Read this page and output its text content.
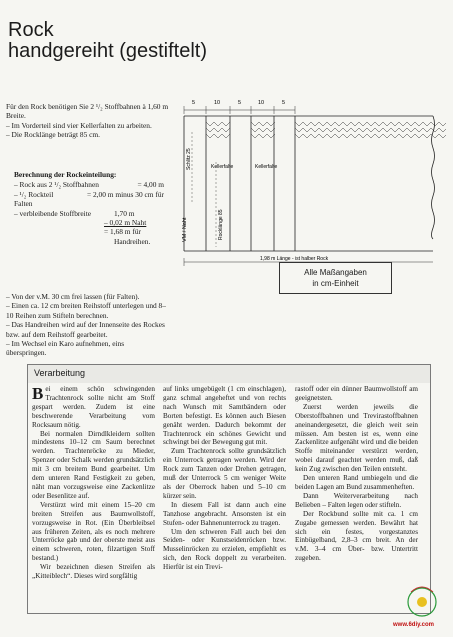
Rock
handgereiht (gestiftelt)

Für den Rock benötigen Sie 2 ¹/₂ Stoffbahnen à 1,60 m Breite.

– Im Vorderteil sind vier Kellerfalten zu arbeiten.

– Die Rocklänge beträgt 85 cm.

Berechnung der Rockeinteilung:

– Rock aus 2 ¹/₂ Stoffbahnen	= 4,00 m
– ¹/₂ Rockteil	= 2,00 m minus 30 cm für
Falten
– verbleibende Stoffbreite	1,70 m
– 0,02 m Naht
= 1,68 m für
Handreihen.

– Von der v.M. 30 cm frei lassen (für Falten).

– Einen ca. 12 cm breiten Reihstoff unterlegen und 8–10 Reihen zum Stifteln berechnen.

– Das Handreihen wird auf der Innenseite des Rockes bzw. auf dem Reihstoff gearbeitet.

– Im Wechsel ein Karo aufnehmen, eins überspringen.

5	10	5	10	5
Schlitz 25
VM / Naht	Rocklänge 85
Kellerfalte	Kellerfalte
1,98 m Länge - ist halber Rock
Alle Maßangaben
in cm-Einheit
Verarbeitung

Bei einem schön schwingenden Trachtenrock sollte nicht am Stoff gespart werden. Zudem ist eine beschwerende Verarbeitung vom Rocksaum nötig.

Bei normalen Dirndlkleidern sollten mindestens 10–12 cm Saum berechnet werden. Trachtenröcke zu Mieder, Spenzer oder Schalk werden grundsätzlich mit 3 cm breitem Bund gearbeitet. Um dem unteren Rand Festigkeit zu geben, näht man vorzugsweise eine Zackenlitze oder Besenlitze auf.

Verstürzt wird mit einem 15–20 cm breiten Streifen aus Baumwollstoff, vorzugsweise in Rot. (Ein Überbleibsel aus früheren Zeiten, als es noch mehrere Unterröcke gab und der oberste meist aus einem schweren, roten, filzartigen Stoff bestand.)

Wir bezeichnen diesen Streifen als „Kitteiblech“. Dieses wird sorgfältig

auf links umgebügelt (1 cm einschlagen), ganz schmal angeheftet und von rechts nach Wunsch mit Samtbändern oder Borten befestigt. Es können auch Biesen genäht werden. Dadurch bekommt der Trachtenrock ein schönes Gewicht und schwingt bei der Bewegung gut mit.

Zum Trachtenrock sollte grundsätzlich ein Unterrock getragen werden. Wird der Rock zum Tanzen oder Drehen getragen, muß der Unterrock 5 cm weniger Weite als der Oberrock haben und 5–10 cm kürzer sein.

In diesem Fall ist dann auch eine Tanzhose angebracht. Ansonsten ist ein Stufen- oder Bahnenunterrock zu tragen.

Um den schweren Fall auch bei den Seiden- oder Kunstseidenröcken bzw. Musselinröcken zu erzielen, empfiehlt es sich, den Rock doppelt zu verarbeiten. Hierfür ist ein Trevi-

rastoff oder ein dünner Baumwollstoff am geeignetsten.

Zuerst werden jeweils die Oberstoffbahnen und Trevirastoffbahnen aneinandergesetzt, die gleich weit sein müssen. Am besten ist es, wenn eine Zackenlitze aufgenäht wird und die beiden Stoffe miteinander verstürzt werden, wobei darauf geachtet werden muß, daß kein Zug zwischen den Teilen entsteht.

Den unteren Rand umbiegeln und die beiden Lagen am Bund zusammenheften.

Dann Weiterverarbeitung nach Belieben – Falten legen oder stifteln.

Der Rockbund sollte mit ca. 1 cm Zugabe gemessen werden. Bewährt hat sich ein festes, vorgestanztes Einbügelband, 2,8–3 cm breit. An der v.M. 3–4 cm Über- bzw. Untertritt zugeben.

www.6diy.com
